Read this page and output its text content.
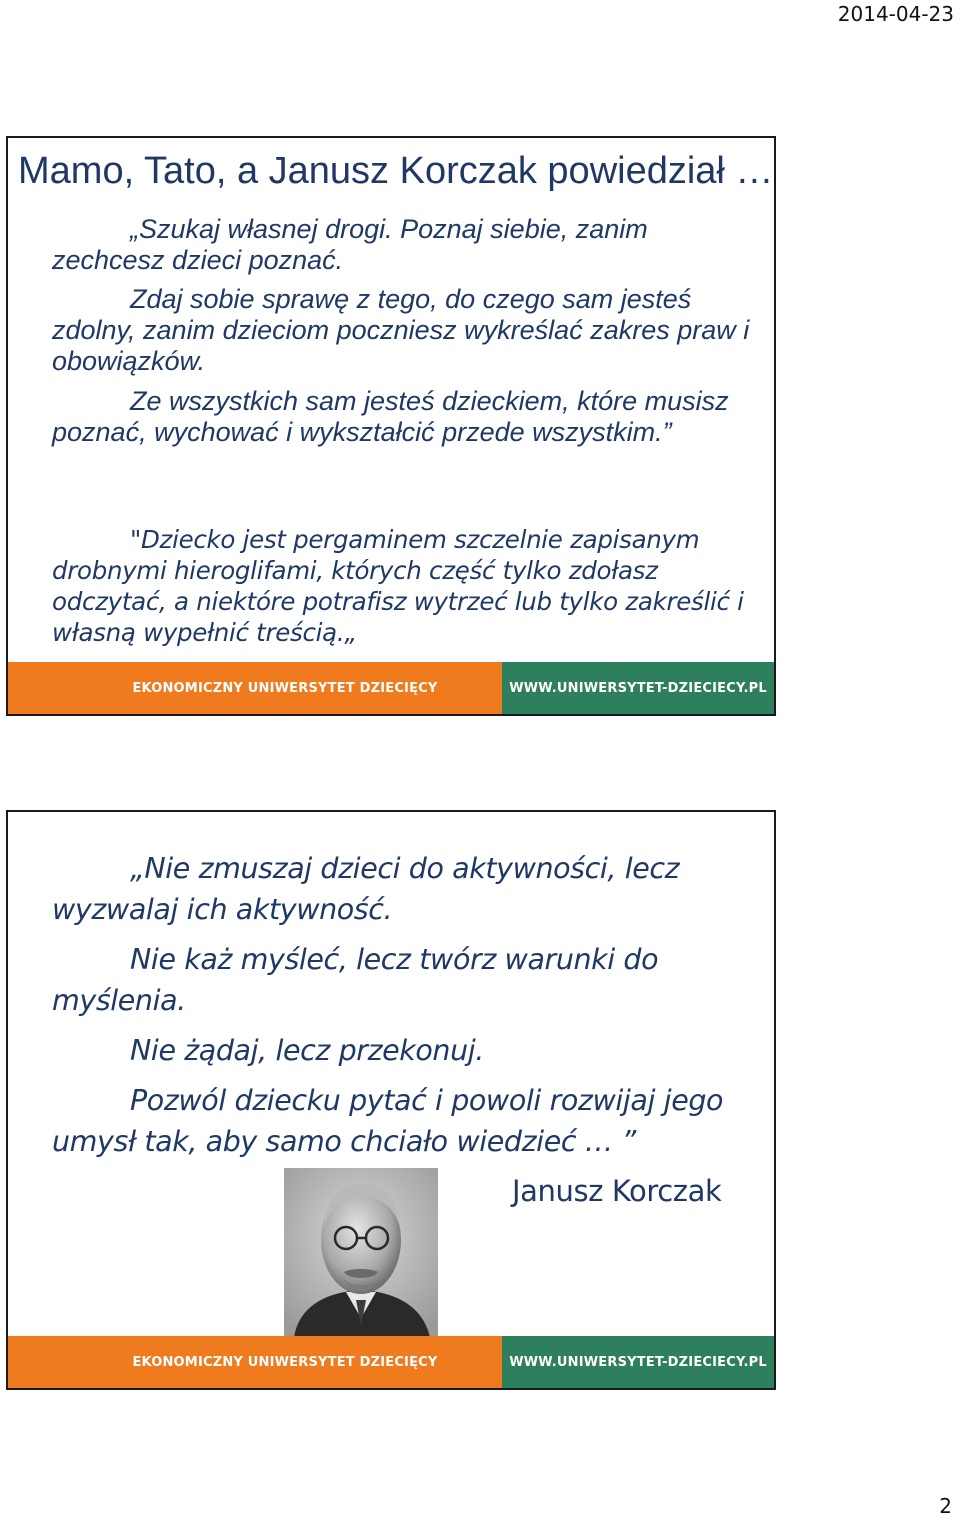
2014-04-23
Mamo, Tato, a Janusz Korczak powiedział …

„Szukaj własnej drogi. Poznaj siebie, zanim zechcesz dzieci poznać.

Zdaj sobie sprawę z tego, do czego sam jesteś zdolny, zanim dzieciom poczniesz wykreślać zakres praw i obowiązków.

Ze wszystkich sam jesteś dzieckiem, które musisz poznać, wychować i wykształcić przede wszystkim.”

"Dziecko jest pergaminem szczelnie zapisanym drobnymi hieroglifami, których część tylko zdołasz odczytać, a niektóre potrafisz wytrzeć lub tylko zakreślić i własną wypełnić treścią.„

EKONOMICZNY UNIWERSYTET DZIECIĘCY	WWW.UNIWERSYTET-DZIECIECY.PL

„Nie zmuszaj dzieci do aktywności, lecz wyzwalaj ich aktywność.

Nie każ myśleć, lecz twórz warunki do myślenia.

Nie żądaj, lecz przekonuj.

Pozwól dziecku pytać i powoli rozwijaj jego umysł tak, aby samo chciało wiedzieć … ”

Janusz Korczak

EKONOMICZNY UNIWERSYTET DZIECIĘCY	WWW.UNIWERSYTET-DZIECIECY.PL
2
